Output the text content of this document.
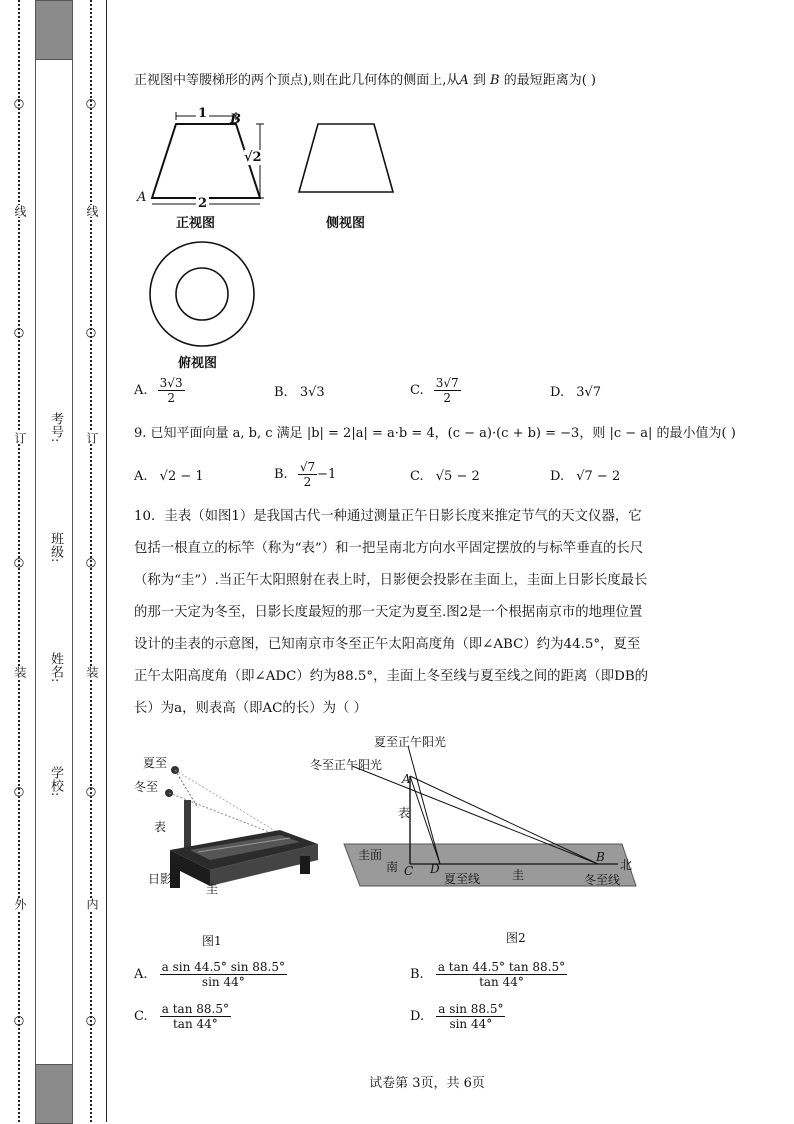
○
线
○
订
○
装
○
外
○
○
线
○
订
○
装
○
内
○
考号:
班级:
姓名:
学校:
正视图中等腰梯形的两个顶点),则在此几何体的侧面上,从A 到 B 的最短距离为( )
1
2
√2
A
B
正视图	侧视图
俯视图
A. $\frac{3√3}{2}$	B. 3√3	C. $\frac{3√7}{2}$	D. 3√7
9. 已知平面向量 a, b, c 满足 |b| = 2|a| = a·b = 4，(c − a)·(c + b) = −3，则 |c − a| 的最小值为( )
A. √2 − 1	B. $\frac{√7}{2} -1$	C. √5 − 2	D. √7 − 2
10．圭表（如图1）是我国古代一种通过测量正午日影长度来推定节气的天文仪器，它
包括一根直立的标竿（称为“表”）和一把呈南北方向水平固定摆放的与标竿垂直的长尺
（称为“圭”）.当正午太阳照射在表上时，日影便会投影在圭面上，圭面上日影长度最长
的那一天定为冬至，日影长度最短的那一天定为夏至.图2是一个根据南京市的地理位置
设计的圭表的示意图，已知南京市冬至正午太阳高度角（即∠ABC）约为44.5°，夏至
正午太阳高度角（即∠ADC）约为88.5°，圭面上冬至线与夏至线之间的距离（即DB的
长）为a，则表高（即AC的长）为（ ）
夏至
冬至
表
日影
圭
图1
夏至正午阳光
冬至正午阳光
A
表
圭面
南 C D
夏至线	圭
B
北
冬至线
图2
A. $\frac{\text{a sin 44.5° sin 88.5°}}{\sin 44^\circ}$	B. $\frac{\text{a tan 44.5° tan 88.5°}}{\tan 44^\circ}$
C. $\frac{\text{a tan 88.5°}}{\tan 44^\circ}$	D. $\frac{\text{a sin 88.5°}}{\sin 44^\circ}$
试卷第 3页，共 6页
